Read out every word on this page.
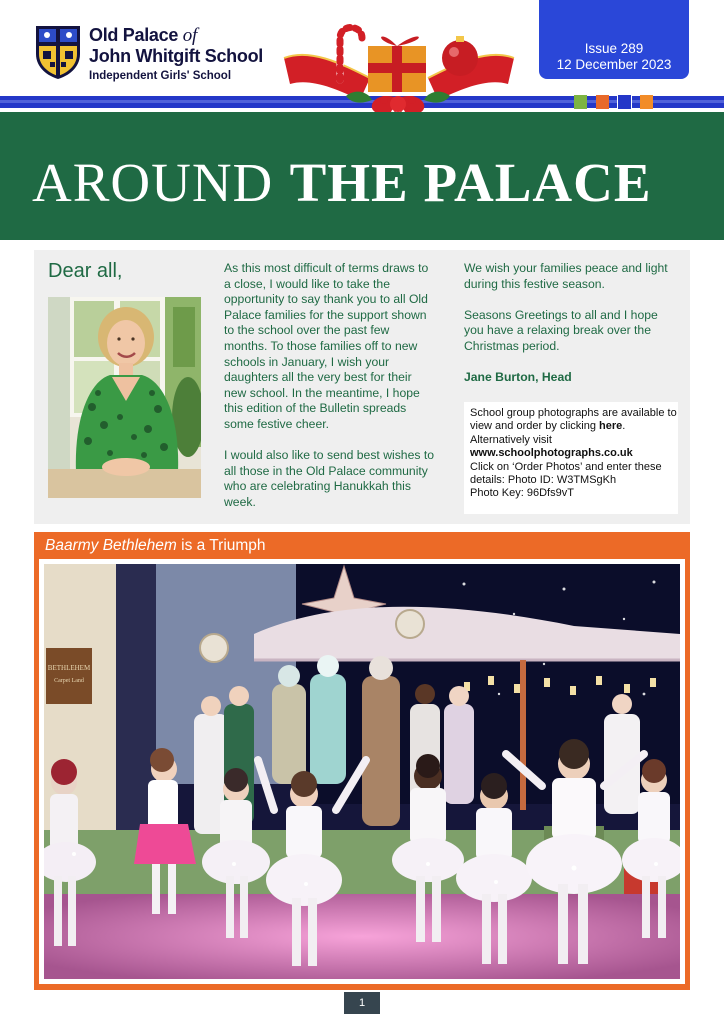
Old Palace of
John Whitgift School
Independent Girls' School
Issue 289
12 December 2023
AROUND THE PALACE
Dear all,	As this most difficult of terms draws to a close, I would like to take the opportunity to say thank you to all Old Palace families for the support shown to the school over the past few months. To those families off to new schools in January, I wish your daughters all the very best for their new school. In the meantime, I hope this edition of the Bulletin spreads some festive cheer.

I would also like to send best wishes to all those in the Old Palace community who are celebrating Hanukkah this week.

We wish your families peace and light during this festive season.

Seasons Greetings to all and I hope you have a relaxing break over the Christmas period.

Jane Burton, Head

School group photographs are available to view and order by clicking here. Alternatively visit
www.schoolphotographs.co.uk
Click on ‘Order Photos’ and enter these details: Photo ID: W3TMSgKh
Photo Key: 96Dfs9vT
Baarmy Bethlehem is a Triumph
BETHLEHEM
Carpet Land
1
